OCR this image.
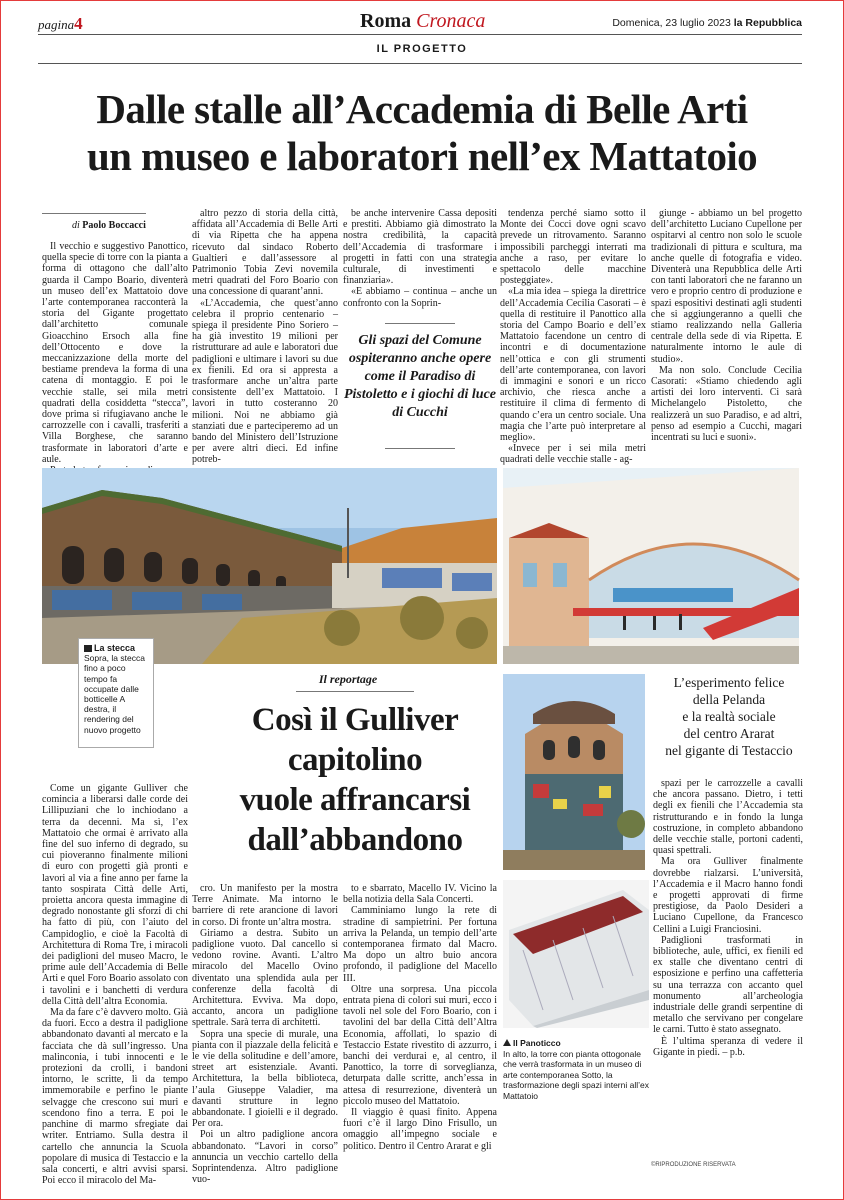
pagina4	Roma Cronaca	Domenica, 23 luglio 2023 la Repubblica
IL PROGETTO
Dalle stalle all’Accademia di Belle Arti
un museo e laboratori nell’ex Mattatoio
di Paolo Boccacci

Il vecchio e suggestivo Panottico, quella specie di torre con la pianta a forma di ottagono che dall’alto guarda il Campo Boario, diventerà un museo dell’ex Mattatoio dove l’arte contemporanea racconterà la storia del Gigante progettato dall’architetto comunale Gioacchino Ersoch alla fine dell’Ottocento e dove la meccanizzazione della morte del bestiame prendeva la forma di una catena di montaggio. E poi le vecchie stalle, sei mila metri quadrati della cosiddetta “stecca”, dove prima si rifugiavano anche le carrozzelle con i cavalli, trasferiti a Villa Borghese, che saranno trasformate in laboratori d’arte e aule.

altro pezzo di storia della città, affidata all’Accademia di Belle Arti di via Ripetta che ha appena ricevuto dal sindaco Roberto Gualtieri e dall’assessore al Patrimonio Tobia Zevi novemila metri quadrati del Foro Boario con una concessione di quarant’anni.

«L’Accademia, che quest’anno celebra il proprio centenario – spiega il presidente Pino Soriero – ha già investito 19 milioni per ristrutturare ad aule e laboratori due padiglioni e ultimare i lavori su due ex fienili. Ed ora si appresta a trasformare anche un’altra parte consistente dell’ex Mattatoio. I lavori in tutto costeranno 20 milioni. Noi ne abbiamo già stanziati due e parteciperemo ad un bando del Ministero dell’Istruzione per avere altri dieci. Ed infine potreb-

be anche intervenire Cassa depositi e prestiti. Abbiamo già dimostrato la nostra credibilità, la capacità dell’Accademia di trasformare i progetti in fatti con una strategia culturale, di investimenti e finanziaria».

«E abbiamo – continua – anche un confronto con la Soprin-

Gli spazi del Comune ospiteranno anche opere come il Paradiso di Pistoletto e i giochi di luce di Cucchi

tendenza perché siamo sotto il Monte dei Cocci dove ogni scavo prevede un ritrovamento. Saranno impossibili parcheggi interrati ma anche a raso, per evitare lo spettacolo delle macchine posteggiate».

«La mia idea – spiega la direttrice dell’Accademia Cecilia Casorati – è quella di restituire il Panottico alla storia del Campo Boario e dell’ex Mattatoio facendone un centro di incontri e di documentazione nell’ottica e con gli strumenti dell’arte contemporanea, con lavori di immagini e sonori e un ricco archivio, che riesca anche a restituire il clima di fermento di quando c’era un centro sociale. Una magia che l’arte può interpretare al meglio».

«Invece per i sei mila metri quadrati delle vecchie stalle - ag-

giunge - abbiamo un bel progetto dell’architetto Luciano Cupellone per ospitarvi al centro non solo le scuole tradizionali di pittura e scultura, ma anche quelle di fotografia e video. Diventerà una Repubblica delle Arti con tanti laboratori che ne faranno un vero e proprio centro di produzione e spazi espositivi destinati agli studenti che si aggiungeranno a quelli che stiamo realizzando nella Galleria centrale della sede di via Ripetta. E naturalmente intorno le aule di studio».

Ma non solo. Conclude Cecilia Casorati: «Stiamo chiedendo agli artisti dei loro interventi. Ci sarà Michelangelo Pistoletto, che realizzerà un suo Paradiso, e ad altri, penso ad esempio a Cucchi, magari incentrati su luci e suoni».

La stecca
Sopra, la stecca fino a poco tempo fa occupate dalle botticelle A destra, il rendering del nuovo progetto
Il reportage
Così il Gulliver
capitolino
vuole affrancarsi
dall’abbandono
L’esperimento felice
della Pelanda
e la realtà sociale
del centro Ararat
nel gigante di Testaccio
Il Panoticco
In alto, la torre con pianta ottogonale che verrà trasformata in un museo di arte contemporanea Sotto, la trasformazione degli spazi interni all’ex Mattatoio

Come un gigante Gulliver che comincia a liberarsi dalle corde dei Lillipuziani che lo inchiodano a terra da decenni. Ma sì, l’ex Mattatoio che ormai è arrivato alla fine del suo inferno di degrado, su cui pioveranno finalmente milioni di euro con progetti già pronti e lavori al via a fine anno per farne la tanto sospirata Città delle Arti, proietta ancora questa immagine di degrado nonostante gli sforzi di chi ha fatto di più, con l’aiuto del Campidoglio, e cioè la Facoltà di Architettura di Roma Tre, i miracoli dei padiglioni del museo Macro, le prime aule dell’Accademia di Belle Arti e quel Foro Boario assolato con i tavolini e i banchetti di verdura della Città dell’altra Economia.

Ma da fare c’è davvero molto. Già da fuori. Ecco a destra il padiglione abbandonato davanti al mercato e la facciata che dà sull’ingresso. Una malinconia, i tubi innocenti e le protezioni da crolli, i bandoni intorno, le scritte, lì da tempo immemorabile e perfino le piante selvagge che crescono sui muri e scendono fino a terra. E poi le panchine di marmo sfregiate dai writer. Entriamo. Sulla destra il cartello che annuncia la Scuola popolare di musica di Testaccio e la sala concerti, e altri avvisi sparsi. Poi ecco il miracolo del Ma-

cro. Un manifesto per la mostra Terre Animate. Ma intorno le barriere di rete arancione di lavori in corso. Di fronte un’altra mostra.

Giriamo a destra. Subito un padiglione vuoto. Dal cancello si vedono rovine. Avanti. L’altro miracolo del Macello Ovino diventato una splendida aula per conferenze della facoltà di Architettura. Evviva. Ma dopo, accanto, ancora un padiglione spettrale. Sarà terra di architetti.

Sopra una specie di murale, una pianta con il piazzale della felicità e le vie della solitudine e dell’amore, street art esistenziale. Avanti. Architettura, la bella biblioteca, l’aula Giuseppe Valadier, ma davanti strutture in legno abbandonate. I gioielli e il degrado. Per ora.

Poi un altro padiglione ancora abbandonato. “Lavori in corso” annuncia un vecchio cartello della Soprintendenza. Altro padiglione vuo-

to e sbarrato, Macello IV. Vicino la bella notizia della Sala Concerti.

Camminiamo lungo la rete di stradine di sampietrini. Per fortuna arriva la Pelanda, un tempio dell’arte contemporanea firmato dal Macro. Ma dopo un altro buio ancora profondo, il padiglione del Macello III.

Oltre una sorpresa. Una piccola entrata piena di colori sui muri, ecco i tavoli nel sole del Foro Boario, con i tavolini del bar della Città dell’Altra Economia, affollati, lo spazio di Testaccio Estate rivestito di azzurro, i banchi dei verdurai e, al centro, il Panottico, la torre di sorveglianza, deturpata dalle scritte, anch’essa in attesa di resurrezione, diventerà un piccolo museo del Mattatoio.

Il viaggio è quasi finito. Appena fuori c’è il largo Dino Frisullo, un omaggio all’impegno sociale e politico. Dentro il Centro Ararat e gli

spazi per le carrozzelle a cavalli che ancora passano. Dietro, i tetti degli ex fienili che l’Accademia sta ristrutturando e in fondo la lunga costruzione, in completo abbandono delle vecchie stalle, portoni cadenti, quasi spettrali.

Ma ora Gulliver finalmente dovrebbe rialzarsi. L’università, l’Accademia e il Macro hanno fondi e progetti approvati di firme prestigiose, da Paolo Desideri a Luciano Cupellone, da Francesco Cellini a Luigi Franciosini.

Padiglioni trasformati in biblioteche, aule, uffici, ex fienili ed ex stalle che diventano centri di esposizione e perfino una caffetteria su una terrazza con accanto quel monumento all’archeologia industriale delle grandi serpentine di metallo che servivano per congelare le carni. Tutto è stato assegnato.

È l’ultima speranza di vedere il Gigante in piedi. – p.b.

©RIPRODUZIONE RISERVATA
